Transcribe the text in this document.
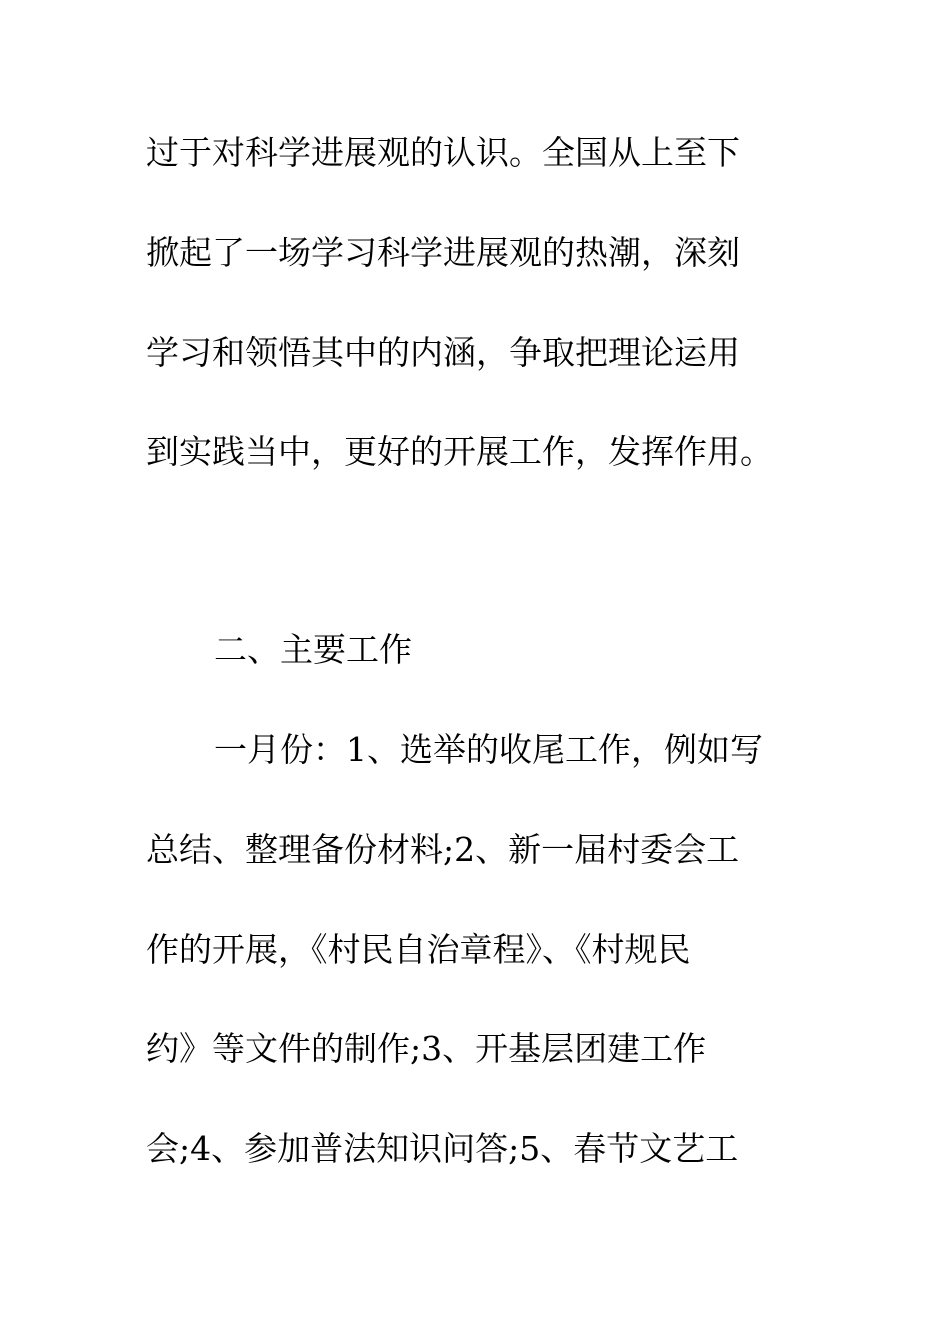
过于对科学进展观的认识。全国从上至下
掀起了一场学习科学进展观的热潮，深刻
学习和领悟其中的内涵，争取把理论运用
到实践当中，更好的开展工作，发挥作用。
二、主要工作
一月份：1、选举的收尾工作，例如写
总结、整理备份材料;2、新一届村委会工
作的开展，《村民自治章程》、《村规民
约》等文件的制作;3、开基层团建工作
会;4、参加普法知识问答;5、春节文艺工
